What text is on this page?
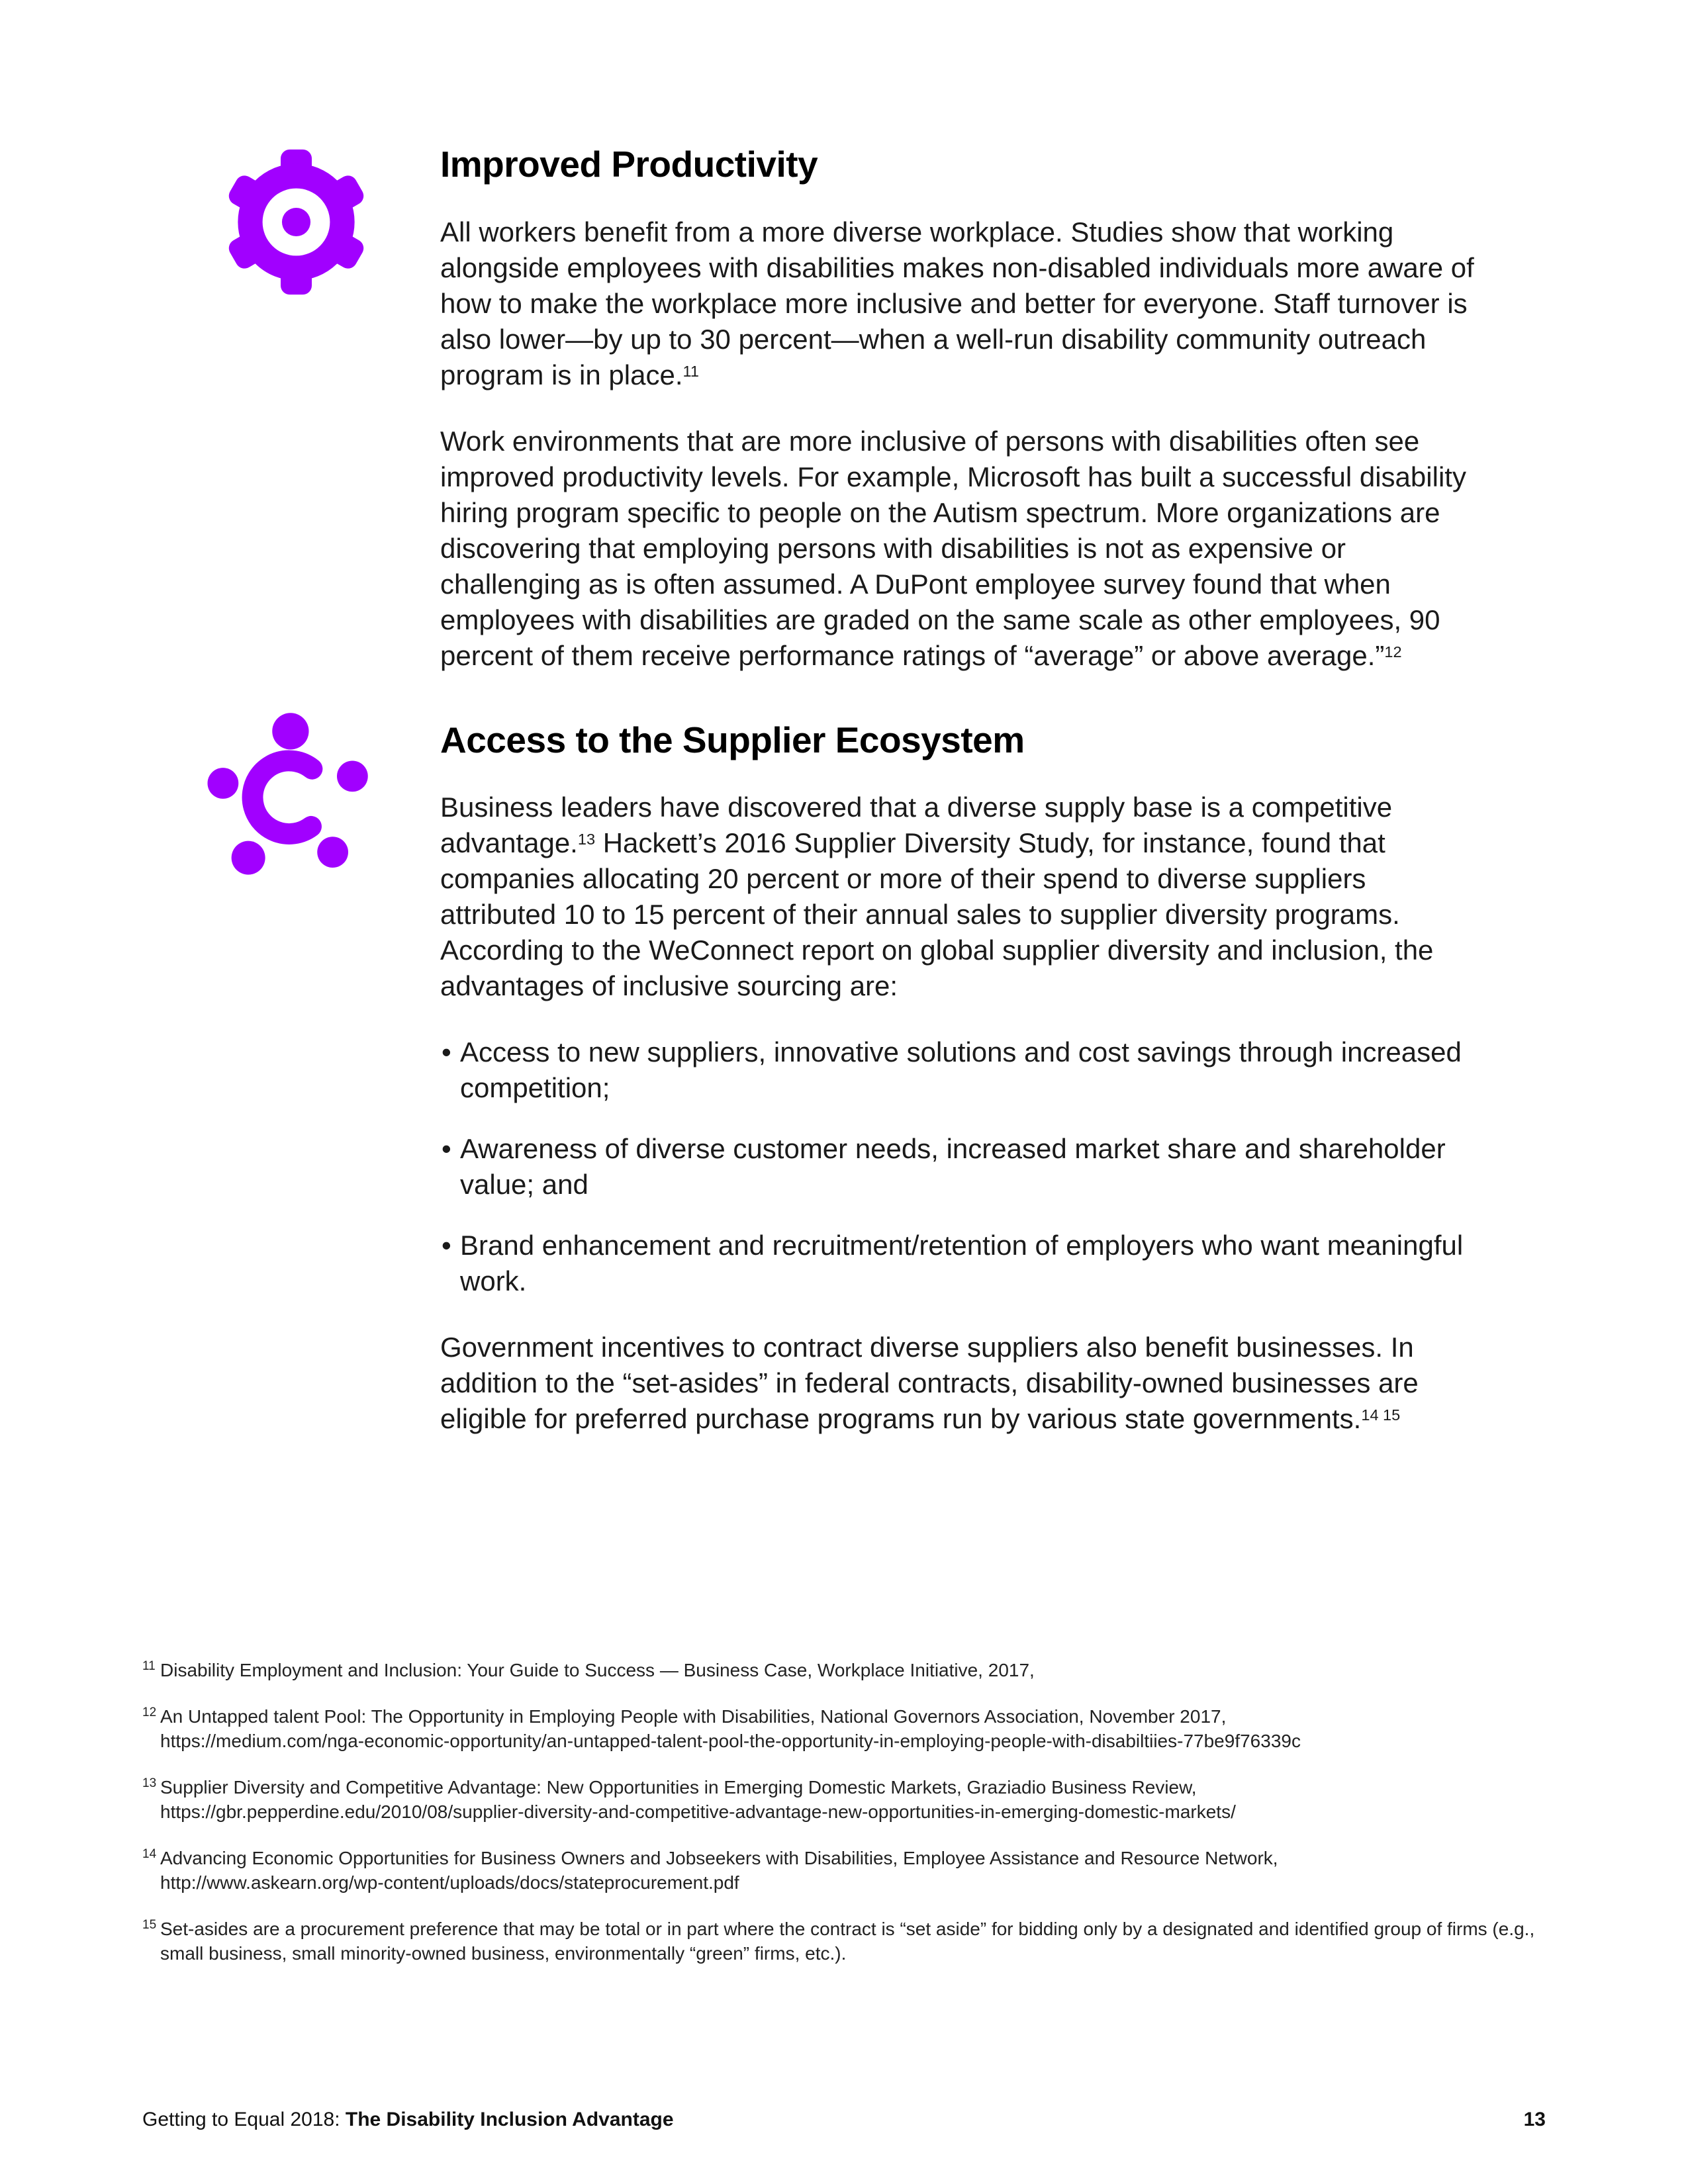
Improved Productivity

All workers benefit from a more diverse workplace. Studies show that working alongside employees with disabilities makes non-disabled individuals more aware of how to make the workplace more inclusive and better for everyone. Staff turnover is also lower—by up to 30 percent—when a well-run disability community outreach program is in place.$^{11}$

Work environments that are more inclusive of persons with disabilities often see improved productivity levels. For example, Microsoft has built a successful disability hiring program specific to people on the Autism spectrum. More organizations are discovering that employing persons with disabilities is not as expensive or challenging as is often assumed. A DuPont employee survey found that when employees with disabilities are graded on the same scale as other employees, 90 percent of them receive performance ratings of “average” or above average.”$^{12}$

Access to the Supplier Ecosystem

Business leaders have discovered that a diverse supply base is a competitive advantage.$^{13}$ Hackett’s 2016 Supplier Diversity Study, for instance, found that companies allocating 20 percent or more of their spend to diverse suppliers attributed 10 to 15 percent of their annual sales to supplier diversity programs. According to the WeConnect report on global supplier diversity and inclusion, the advantages of inclusive sourcing are:

• Access to new suppliers, innovative solutions and cost savings through increased competition;
• Awareness of diverse customer needs, increased market share and shareholder value; and
• Brand enhancement and recruitment/retention of employers who want meaningful work.

Government incentives to contract diverse suppliers also benefit businesses. In addition to the “set-asides” in federal contracts, disability-owned businesses are eligible for preferred purchase programs run by various state governments.$^{14 15}$

11 Disability Employment and Inclusion: Your Guide to Success — Business Case, Workplace Initiative, 2017,
12 An Untapped talent Pool: The Opportunity in Employing People with Disabilities, National Governors Association, November 2017,
https://medium.com/nga-economic-opportunity/an-untapped-talent-pool-the-opportunity-in-employing-people-with-disabiltiies-77be9f76339c
13 Supplier Diversity and Competitive Advantage: New Opportunities in Emerging Domestic Markets, Graziadio Business Review,
https://gbr.pepperdine.edu/2010/08/supplier-diversity-and-competitive-advantage-new-opportunities-in-emerging-domestic-markets/
14 Advancing Economic Opportunities for Business Owners and Jobseekers with Disabilities, Employee Assistance and Resource Network,
http://www.askearn.org/wp-content/uploads/docs/stateprocurement.pdf
15 Set-asides are a procurement preference that may be total or in part where the contract is “set aside” for bidding only by a designated and identified group of firms (e.g., small business, small minority-owned business, environmentally “green” firms, etc.).
Getting to Equal 2018: The Disability Inclusion Advantage	13
